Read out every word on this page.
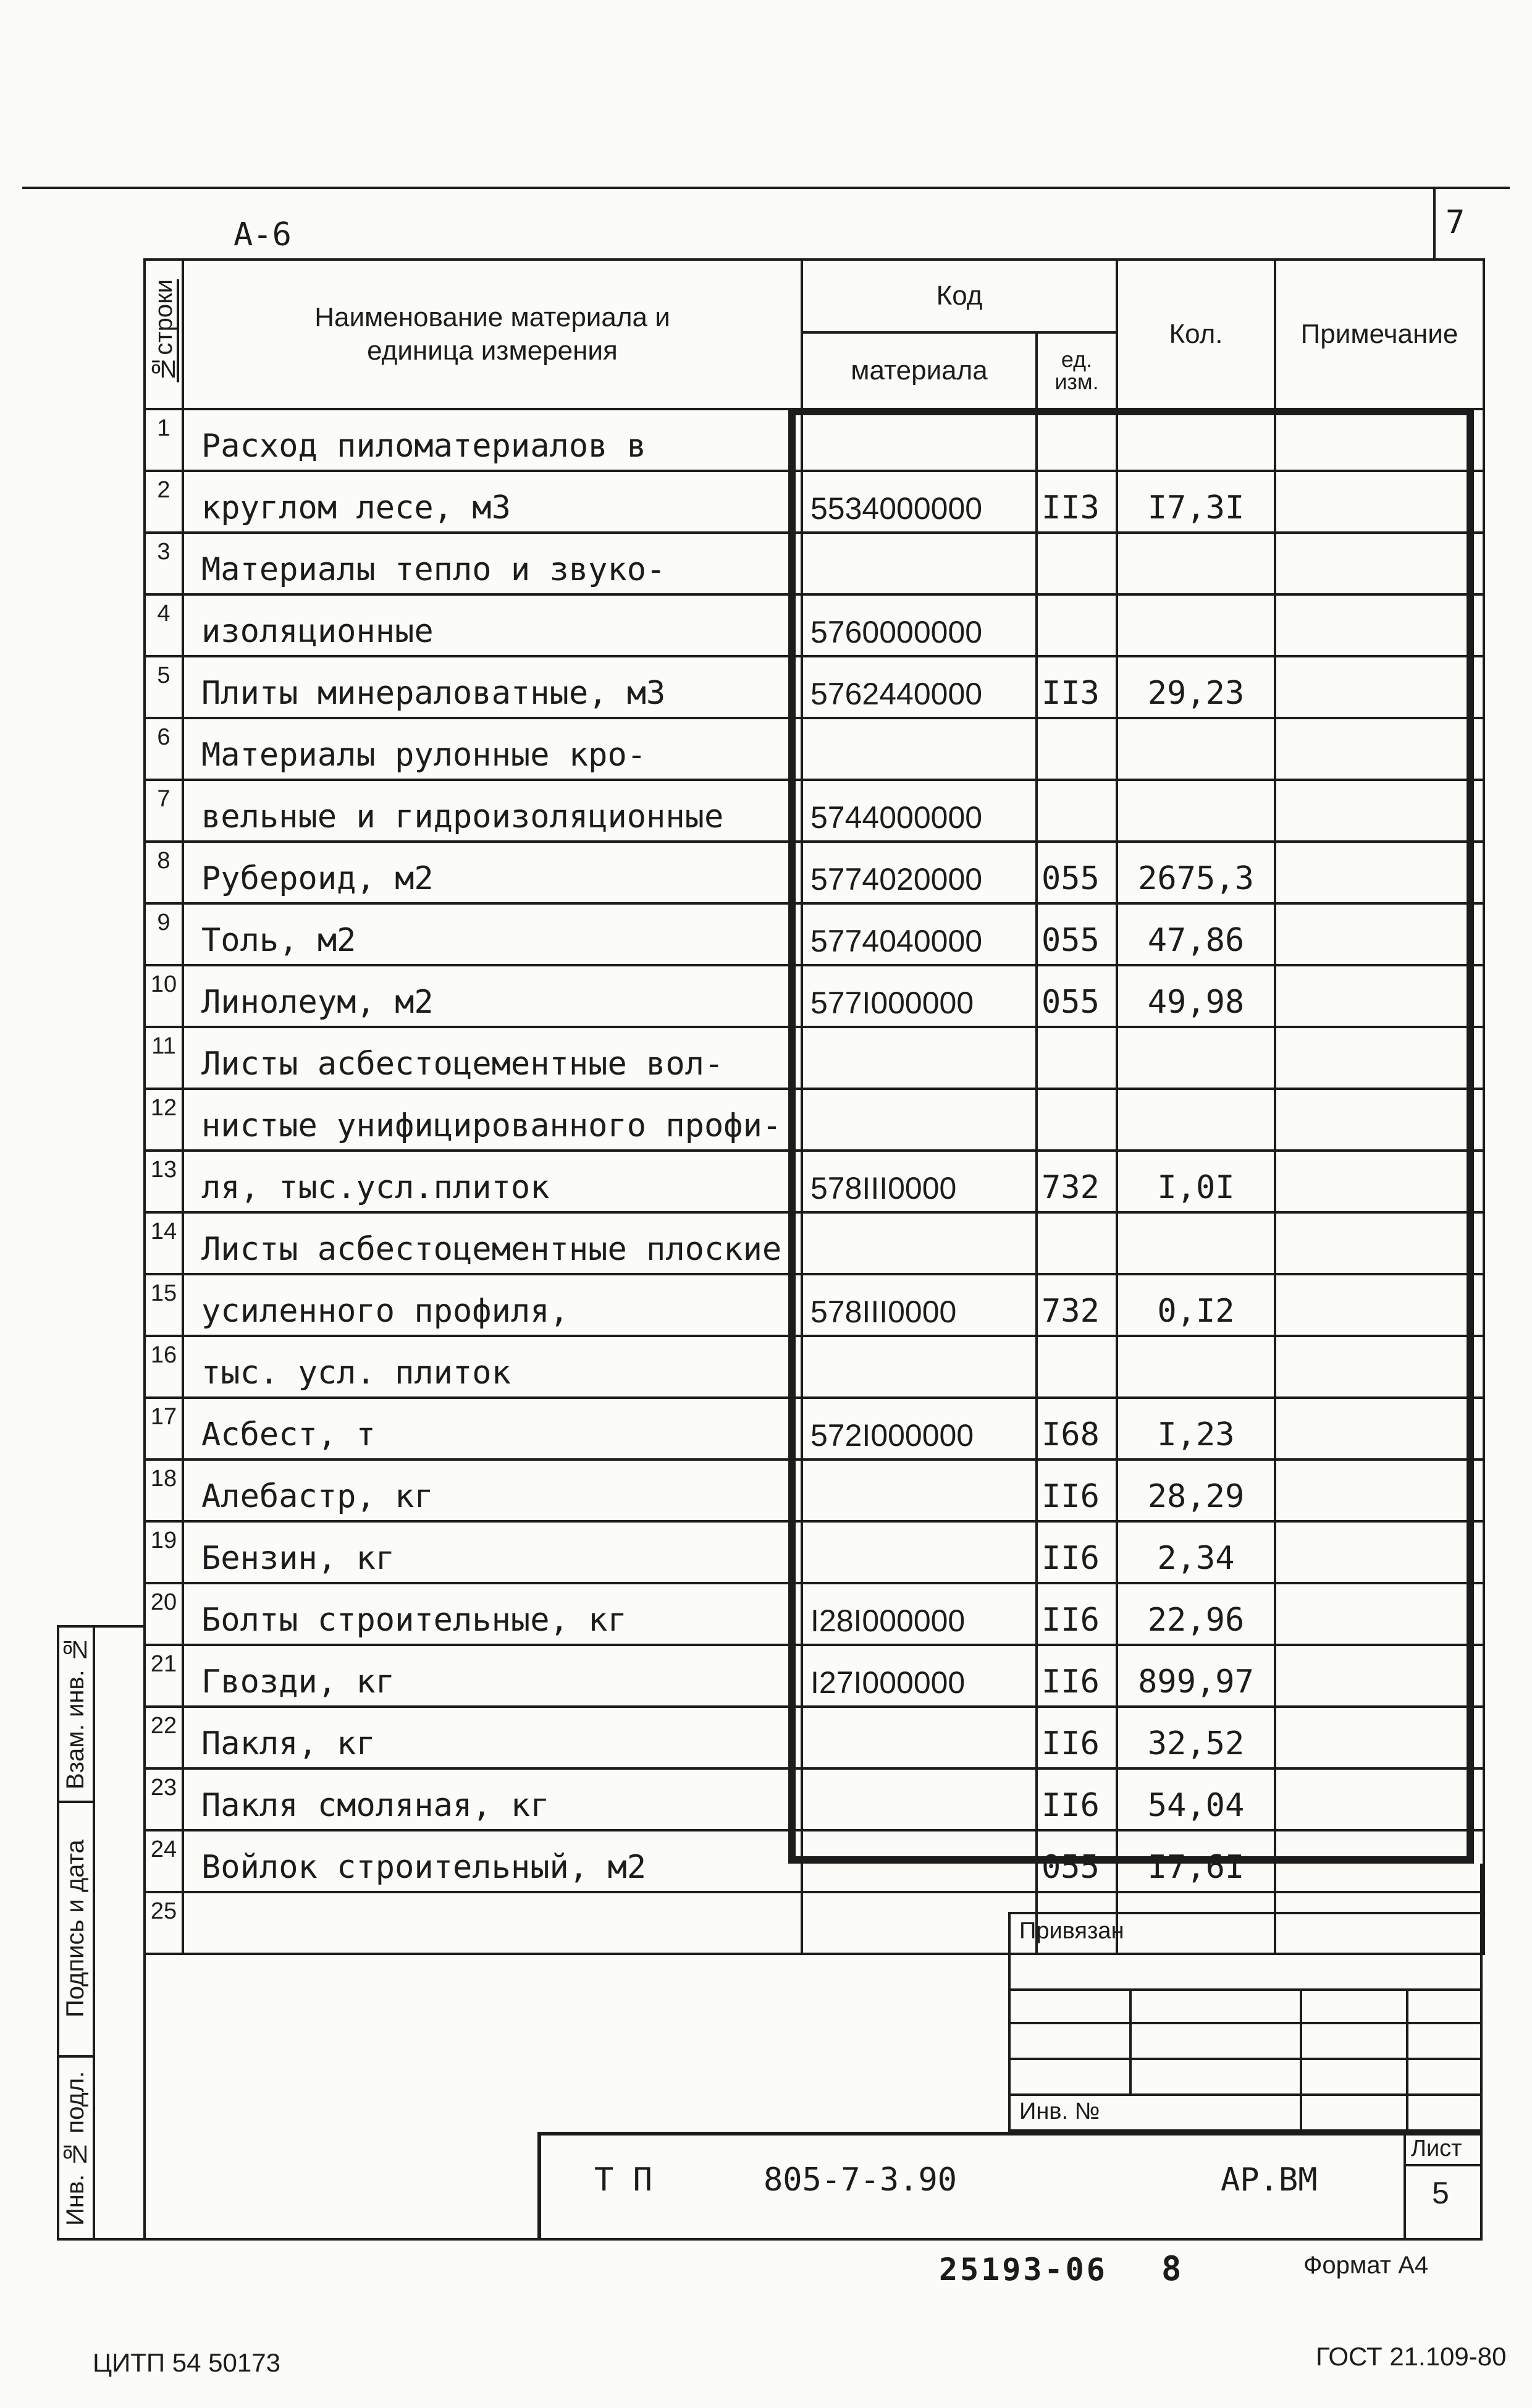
7
А-6
№строки	Наименование материала и единица измерения	Код		Кол.	Примечание
		материала	ед. изм.		
1	Расход пиломатериалов в				
2	круглом лесе, м3	5534000000	II3	I7,3I	
3	Материалы тепло и звуко-				
4	изоляционные	5760000000			
5	Плиты минераловатные, м3	5762440000	II3	29,23	
6	Материалы рулонные кро-				
7	вельные и гидроизоляционные	5744000000			
8	Рубероид, м2	5774020000	055	2675,3	
9	Толь, м2	5774040000	055	47,86	
10	Линолеум, м2	577I000000	055	49,98	
11	Листы асбестоцементные вол-				
12	нистые унифицированного профи-				
13	ля, тыс.усл.плиток	578III0000	732	I,0I	
14	Листы асбестоцементные плоские				
15	усиленного профиля,	578III0000	732	0,I2	
16	тыс. усл. плиток				
17	Асбест, т	572I000000	I68	I,23	
18	Алебастр, кг		II6	28,29	
19	Бензин, кг		II6	2,34	
20	Болты строительные, кг	I28I000000	II6	22,96	
21	Гвозди, кг	I27I000000	II6	899,97	
22	Пакля, кг		II6	32,52	
23	Пакля смоляная, кг		II6	54,04	
24	Войлок строительный, м2		055	I7,6I	
25					
Взам. инв. №
Подпись и дата
Инв. № подл.
Привязан
Инв. №
Т П	805-7-3.90	АР.ВМ
Лист
5
25193-06 8	Формат А4
ЦИТП 54 50173	ГОСТ 21.109-80
